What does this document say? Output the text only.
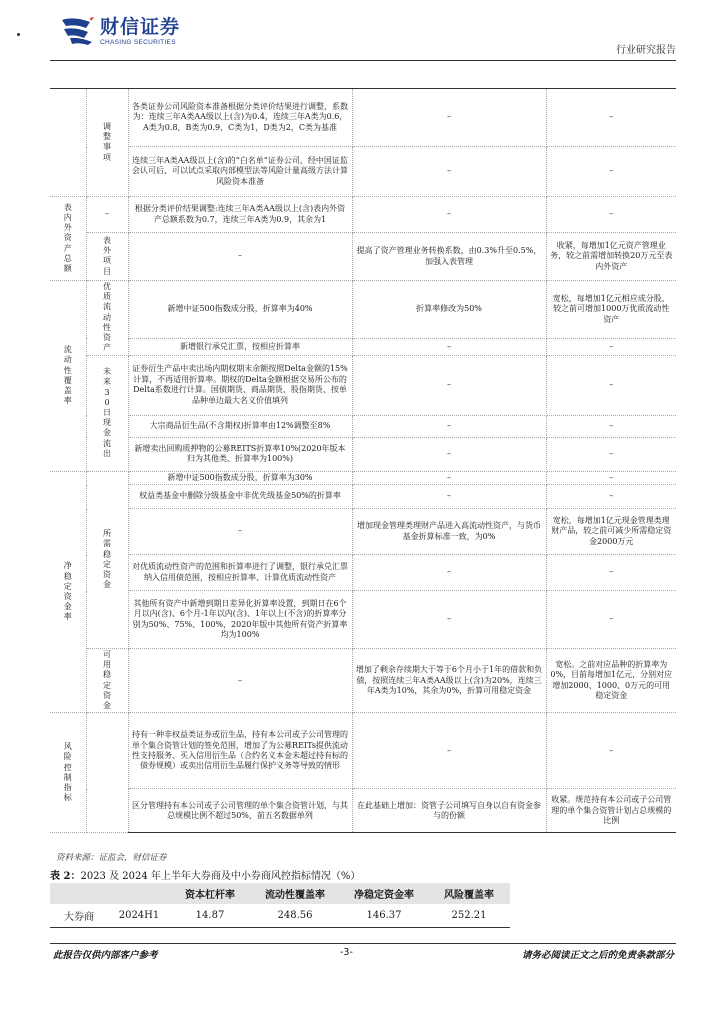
财信证券
CHASING SECURITIES
行业研究报告
	调整事项	各类证券公司风险资本准备根据分类评价结果进行调整，系数为：连续三年A类AA级以上(含)为0.4，连续三年A类为0.6，A类为0.8，B类为0.9，C类为1，D类为2，C类为基准	–	–
		连续三年A类AA级以上(含)的“白名单”证券公司，经中国证监会认可后，可以试点采取内部模型法等风险计量高级方法计算风险资本准备	–	–
表内外资产总额	–	根据分类评价结果调整:连续三年A类AA级以上(含)表内外资产总额系数为0.7，连续三年A类为0.9，其余为1	–	–
	表外项目	–	提高了资产管理业务转换系数，由0.3%升至0.5%，加强入表管理	收紧，每增加1亿元资产管理业务，较之前需增加转换20万元至表内外资产
流动性覆盖率	优质流动性资产	新增中证500指数成分股，折算率为40%	折算率修改为50%	宽松，每增加1亿元相应成分股，较之前可增加1000万优质流动性资产
		新增银行承兑汇票，按相应折算率	–	–
	未来30日现金流出	证券衍生产品中卖出场内期权期末余额按照Delta金额的15%计算，不再适用折算率。期权的Delta金额根据交易所公布的Delta系数进行计算。国债期货、商品期货、股指期货、按单品种单边最大名义价值填列	–	–
		大宗商品衍生品(不含期权)折算率由12%调整至8%	–	–
		新增卖出回购质押物的公募REITS折算率10%(2020年版本归为其他类、折算率为100%)	–	–
净稳定资金率	所需稳定资金	新增中证500指数成分股，折算率为30%	–	–
		权益类基金中删除分级基金中非优先级基金50%的折算率	–	–
		–	增加现金管理类理财产品进入高流动性资产，与货币基金折算标准一致，为0%	宽松，每增加1亿元现金管理类理财产品，较之前可减少所需稳定资金2000万元
		对优质流动性资产的范围和折算率进行了调整，银行承兑汇票纳入信用债范围，按相应折算率、计算优质流动性资产	–	–
		其他所有资产中新增到期日差异化折算率设置，到期日在6个月以内(含)、6个月-1年以内(含)、1年以上(不含)的折算率分别为50%、75%、100%，2020年版中其他所有资产折算率均为100%	–	–
	可用稳定资金	–	增加了剩余存续期大于等于6个月小于1年的借款和负债，按照连续三年A类AA级以上(含)为20%，连续三年A类为10%，其余为0%，折算可用稳定资金	宽松。之前对应品种的折算率为0%，目前每增加1亿元，分别对应增加2000、1000、0万元的可用稳定资金
风险控制指标		持有一种非权益类证券或衍生品，持有本公司或子公司管理的单个集合资管计划的签免范围，增加了为公募REITs提供流动性支持服务、买入信用衍生品（合约名义本金未超过持有标的债券规模）或卖出信用衍生品履行保护义务等导致的情形	–	–
		区分管理持有本公司或子公司管理的单个集合资管计划，与其总规模比例不超过50%，前五名数据单列	在此基础上增加：资管子公司填写自身以自有资金参与的份额	收紧。规范持有本公司或子公司管理的单个集合资管计划占总规模的比例
资料来源：证监会，财信证券
表 2：2023 及 2024 年上半年大券商及中小券商风控指标情况（%）
		资本杠杆率	流动性覆盖率	净稳定资金率	风险覆盖率
大券商	2024H1	14.87	248.56	146.37	252.21
此报告仅供内部客户参考	-3-	请务必阅读正文之后的免责条款部分
